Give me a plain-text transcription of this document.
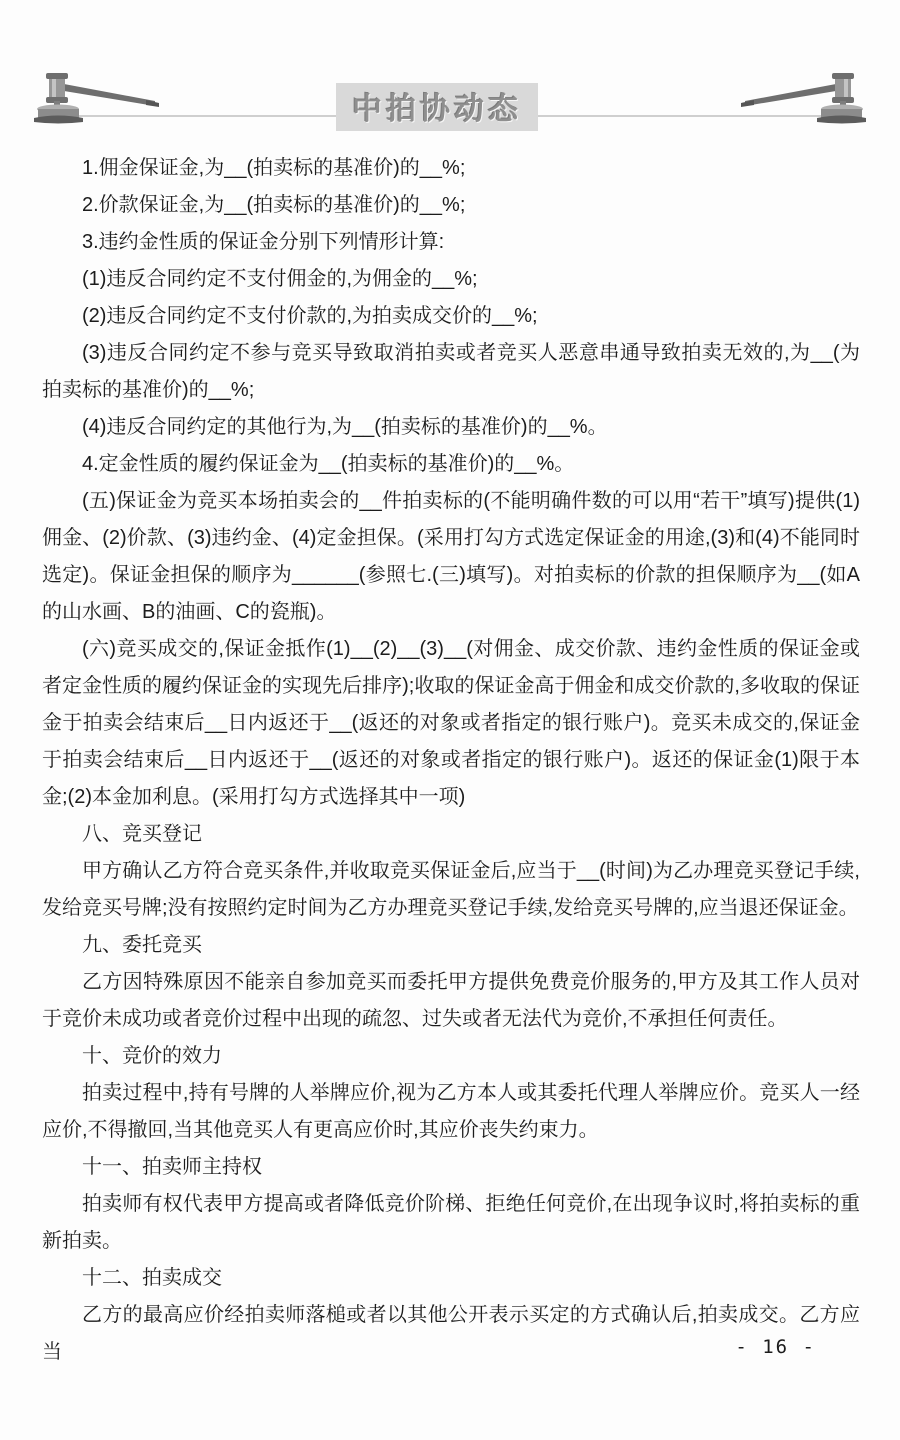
中拍协动态

1.佣金保证金,为__(拍卖标的基准价)的__%;

2.价款保证金,为__(拍卖标的基准价)的__%;

3.违约金性质的保证金分别下列情形计算:

(1)违反合同约定不支付佣金的,为佣金的__%;

(2)违反合同约定不支付价款的,为拍卖成交价的__%;

(3)违反合同约定不参与竞买导致取消拍卖或者竞买人恶意串通导致拍卖无效的,为__(为拍卖标的基准价)的__%;

(4)违反合同约定的其他行为,为__(拍卖标的基准价)的__%。

4.定金性质的履约保证金为__(拍卖标的基准价)的__%。

(五)保证金为竞买本场拍卖会的__件拍卖标的(不能明确件数的可以用“若干”填写)提供(1)佣金、(2)价款、(3)违约金、(4)定金担保。(采用打勾方式选定保证金的用途,(3)和(4)不能同时选定)。保证金担保的顺序为______(参照七.(三)填写)。对拍卖标的价款的担保顺序为__(如A 的山水画、B的油画、C的瓷瓶)。

(六)竞买成交的,保证金抵作(1)__(2)__(3)__(对佣金、成交价款、违约金性质的保证金或者定金性质的履约保证金的实现先后排序);收取的保证金高于佣金和成交价款的,多收取的保证金于拍卖会结束后__日内返还于__(返还的对象或者指定的银行账户)。竞买未成交的,保证金于拍卖会结束后__日内返还于__(返还的对象或者指定的银行账户)。返还的保证金(1)限于本金;(2)本金加利息。(采用打勾方式选择其中一项)

八、竞买登记

甲方确认乙方符合竞买条件,并收取竞买保证金后,应当于__(时间)为乙办理竞买登记手续,发给竞买号牌;没有按照约定时间为乙方办理竞买登记手续,发给竞买号牌的,应当退还保证金。

九、委托竞买

乙方因特殊原因不能亲自参加竞买而委托甲方提供免费竞价服务的,甲方及其工作人员对于竞价未成功或者竞价过程中出现的疏忽、过失或者无法代为竞价,不承担任何责任。

十、竞价的效力

拍卖过程中,持有号牌的人举牌应价,视为乙方本人或其委托代理人举牌应价。竞买人一经应价,不得撤回,当其他竞买人有更高应价时,其应价丧失约束力。

十一、拍卖师主持权

拍卖师有权代表甲方提高或者降低竞价阶梯、拒绝任何竞价,在出现争议时,将拍卖标的重新拍卖。

十二、拍卖成交

乙方的最高应价经拍卖师落槌或者以其他公开表示买定的方式确认后,拍卖成交。乙方应当	- 16 -
